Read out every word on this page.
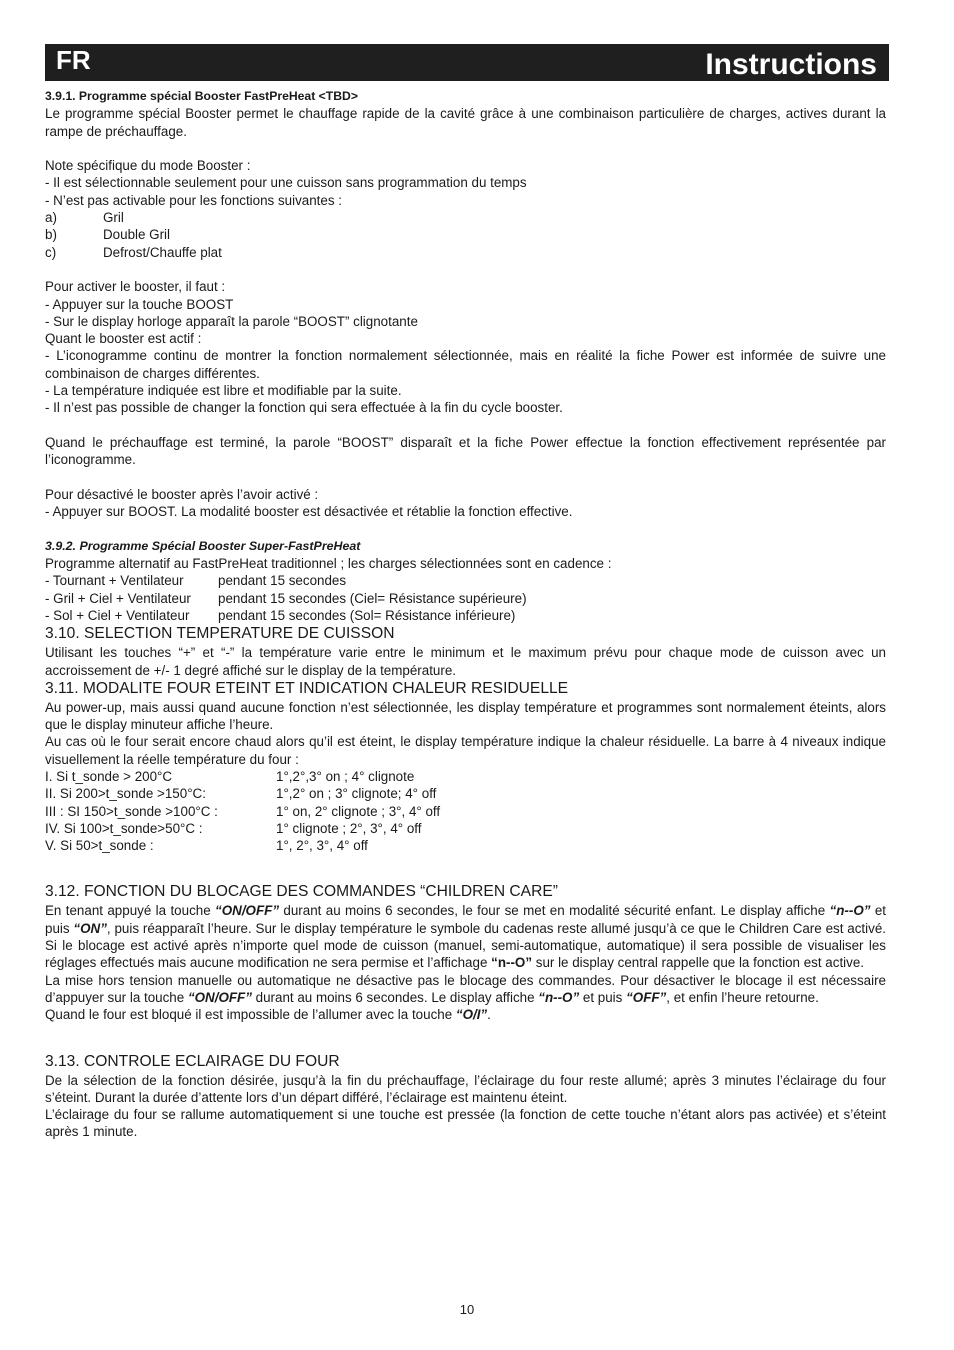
FR	Instructions

3.9.1. Programme spécial Booster FastPreHeat <TBD>

Le programme spécial Booster permet le chauffage rapide de la cavité grâce à une combinaison particulière de charges, actives durant la rampe de préchauffage.

Note spécifique du mode Booster :

- Il est sélectionnable seulement pour une cuisson sans programmation du temps

- N’est pas activable pour les fonctions suivantes :

a)	Gril
b)	Double Gril
c)	Defrost/Chauffe plat

Pour activer le booster, il faut :

- Appuyer sur la touche BOOST

- Sur le display horloge apparaît la parole “BOOST” clignotante

Quant le booster est actif :

- L’iconogramme continu de montrer la fonction normalement sélectionnée, mais en réalité la fiche Power est informée de suivre une combinaison de charges différentes.

- La température indiquée est libre et modifiable par la suite.

- Il n’est pas possible de changer la fonction qui sera effectuée à la fin du cycle booster.

Quand le préchauffage est terminé, la parole “BOOST” disparaît et la fiche Power effectue la fonction effectivement représentée par l’iconogramme.

Pour désactivé le booster après l’avoir activé :

- Appuyer sur BOOST. La modalité booster est désactivée et rétablie la fonction effective.

3.9.2. Programme Spécial Booster Super-FastPreHeat

Programme alternatif au FastPreHeat traditionnel ; les charges sélectionnées sont en cadence :

- Tournant + Ventilateur	pendant 15 secondes
- Gril + Ciel + Ventilateur	pendant 15 secondes (Ciel= Résistance supérieure)
- Sol + Ciel + Ventilateur	pendant 15 secondes (Sol= Résistance inférieure)

3.10. SELECTION TEMPERATURE DE CUISSON

Utilisant les touches “+” et “-” la température varie entre le minimum et le maximum prévu pour chaque mode de cuisson avec un accroissement de +/- 1 degré affiché sur le display de la température.

3.11. MODALITE FOUR ETEINT ET INDICATION CHALEUR RESIDUELLE

Au power-up, mais aussi quand aucune fonction n’est sélectionnée, les display température et programmes sont normalement éteints, alors que le display minuteur affiche l’heure.

Au cas où le four serait encore chaud alors qu’il est éteint, le display température indique la chaleur résiduelle. La barre à 4 niveaux indique visuellement la réelle température du four :

I. Si t_sonde > 200°C	1°,2°,3° on ; 4° clignote
II. Si 200>t_sonde >150°C:	1°,2° on ; 3° clignote; 4° off
III : SI 150>t_sonde >100°C :	1° on, 2° clignote ; 3°, 4° off
IV. Si 100>t_sonde>50°C :	1° clignote ; 2°, 3°, 4° off
V. Si 50>t_sonde :	1°, 2°, 3°, 4° off

3.12. FONCTION DU BLOCAGE DES COMMANDES “CHILDREN CARE”

En tenant appuyé la touche “ON/OFF” durant au moins 6 secondes, le four se met en modalité sécurité enfant. Le display affiche “n--O” et puis “ON”, puis réapparaît l’heure. Sur le display température le symbole du cadenas reste allumé jusqu’à ce que le Children Care est activé. Si le blocage est activé après n’importe quel mode de cuisson (manuel, semi-automatique, automatique) il sera possible de visualiser les réglages effectués mais aucune modification ne sera permise et l’affichage “n--O” sur le display central rappelle que la fonction est active.

La mise hors tension manuelle ou automatique ne désactive pas le blocage des commandes. Pour désactiver le blocage il est nécessaire d’appuyer sur la touche “ON/OFF” durant au moins 6 secondes. Le display affiche “n--O” et puis “OFF”, et enfin l’heure retourne.

Quand le four est bloqué il est impossible de l’allumer avec la touche “O/I”.

3.13. CONTROLE ECLAIRAGE DU FOUR

De la sélection de la fonction désirée, jusqu’à la fin du préchauffage, l’éclairage du four reste allumé; après 3 minutes l’éclairage du four s’éteint. Durant la durée d’attente lors d’un départ différé, l’éclairage est maintenu éteint.

L’éclairage du four se rallume automatiquement si une touche est pressée (la fonction de cette touche n’étant alors pas activée) et s’éteint après 1 minute.

10
